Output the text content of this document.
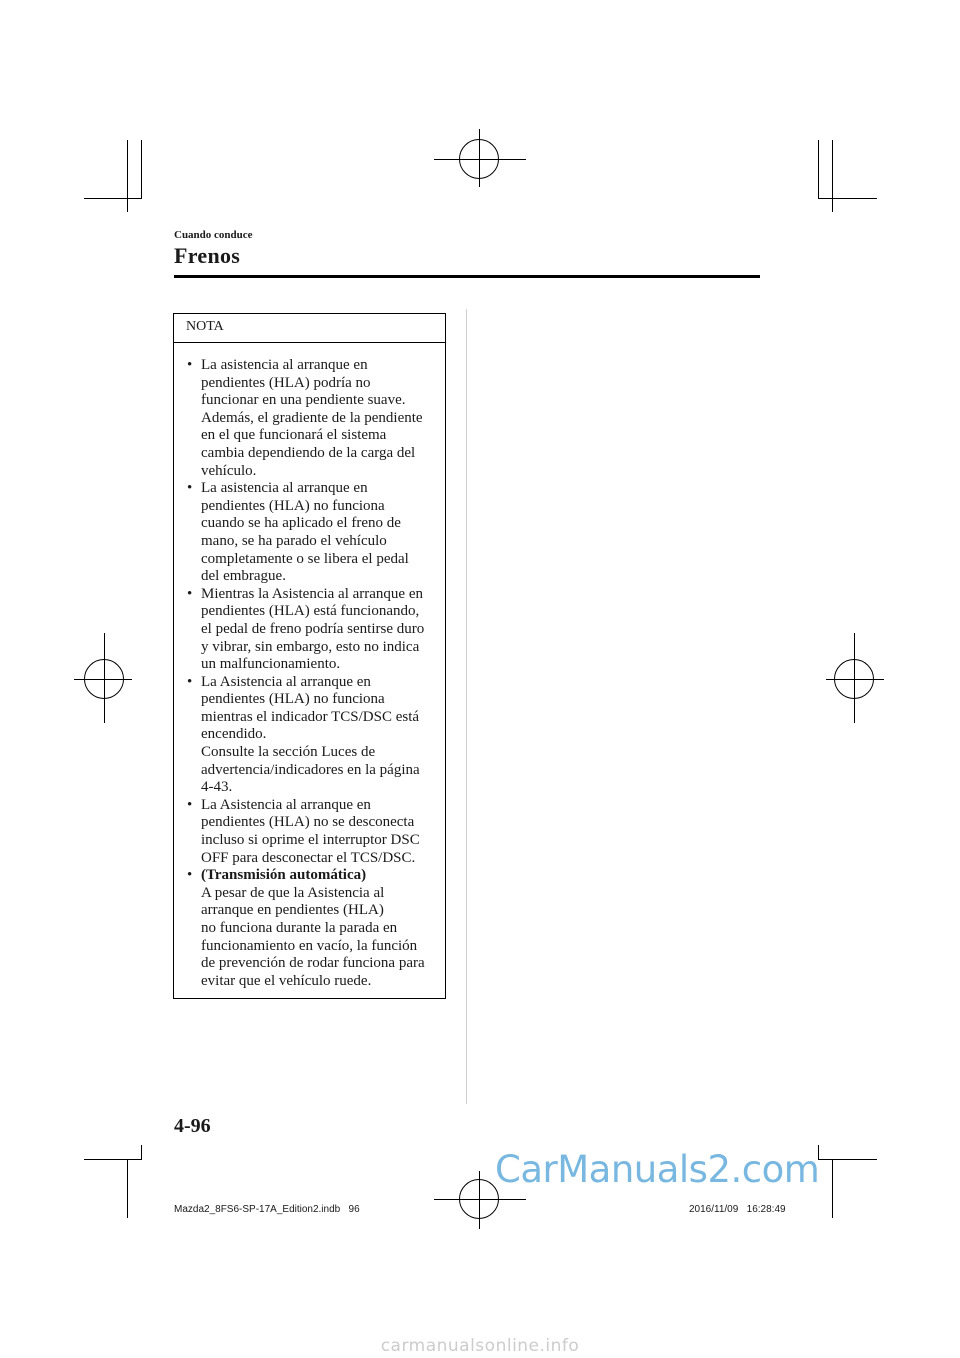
Cuando conduce
Frenos
NOTA
• La asistencia al arranque en
pendientes (HLA) podría no
funcionar en una pendiente suave.
Además, el gradiente de la pendiente
en el que funcionará el sistema
cambia dependiendo de la carga del
vehículo.
• La asistencia al arranque en
pendientes (HLA) no funciona
cuando se ha aplicado el freno de
mano, se ha parado el vehículo
completamente o se libera el pedal
del embrague.
• Mientras la Asistencia al arranque en
pendientes (HLA) está funcionando,
el pedal de freno podría sentirse duro
y vibrar, sin embargo, esto no indica
un malfuncionamiento.
• La Asistencia al arranque en
pendientes (HLA) no funciona
mientras el indicador TCS/DSC está
encendido.
Consulte la sección Luces de
advertencia/indicadores en la página
4-43.
• La Asistencia al arranque en
pendientes (HLA) no se desconecta
incluso si oprime el interruptor DSC
OFF para desconectar el TCS/DSC.
• (Transmisión automática)
A pesar de que la Asistencia al
arranque en pendientes (HLA)
no funciona durante la parada en
funcionamiento en vacío, la función
de prevención de rodar funciona para
evitar que el vehículo ruede.
4-96
CarManuals2.com
Mazda2_8FS6-SP-17A_Edition2.indb   96	2016/11/09   16:28:49
carmanualsonline.info
